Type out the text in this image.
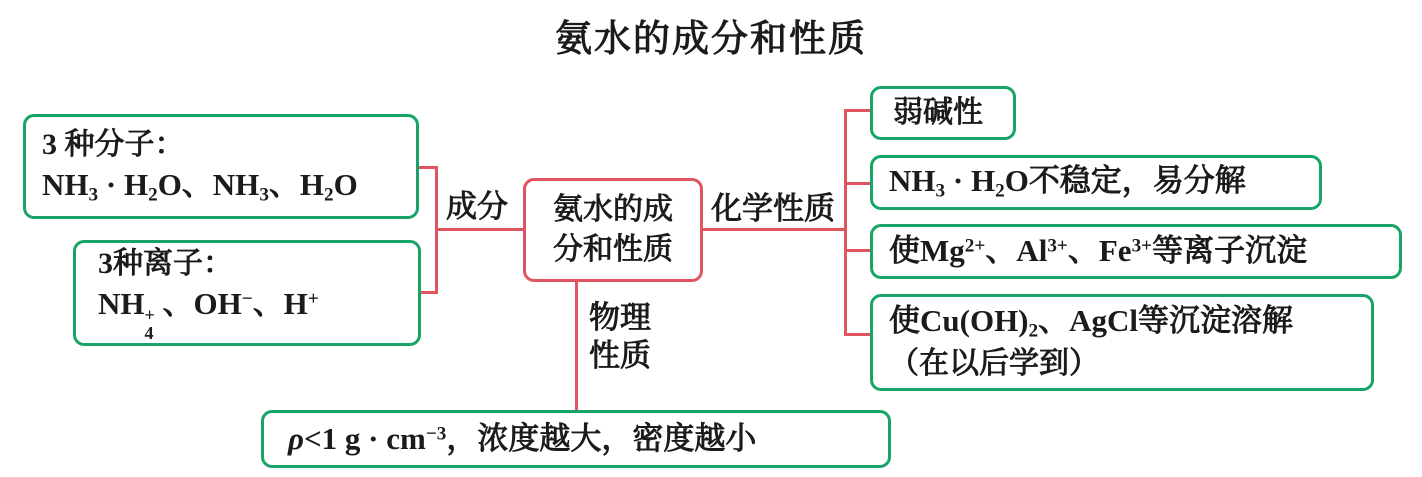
氨水的成分和性质
成分	化学性质
物理
性质
氨水的成
分和性质
3 种分子：
$NH_3 \cdot H_2O$、$NH_3$、$H_2O$
3种离子：
NH +
4
、OH−、H+
弱碱性
$NH_3 \cdot H_2O$不稳定，易分解
使$Mg^{2+}$、$Al^{3+}$、$Fe^{3+}$等离子沉淀
使$Cu(OH)_2$、AgCl等沉淀溶解
（在以后学到）
ρ<1 $g \cdot cm^{-3}$，浓度越大，密度越小
